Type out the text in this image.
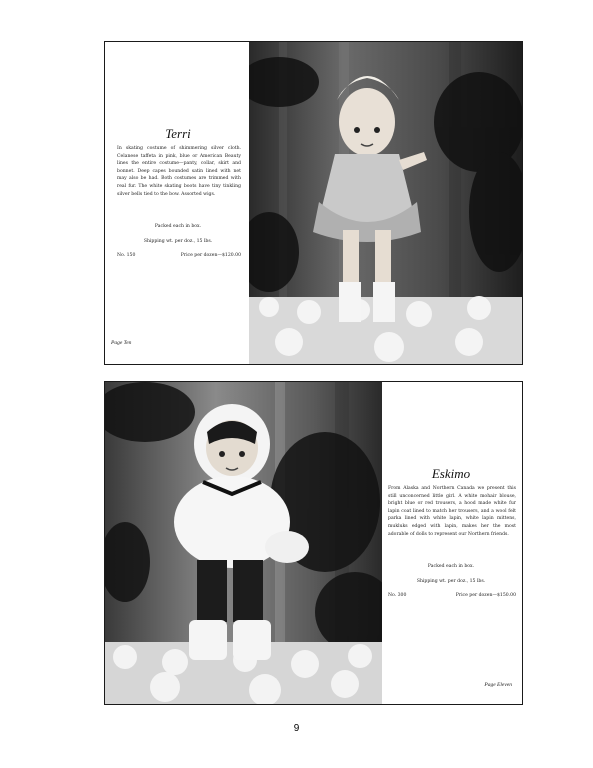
Terri
In skating costume of shimmering silver cloth. Celanese taffeta in pink, blue or American Beauty lines the entire costume—panty, collar, skirt and bonnet. Deep capes bounded satin lined with net may also be had. Both costumes are trimmed with real fur. The white skating boots have tiny tinkling silver bells tied to the bow. Assorted wigs.
Packed each in box.
Shipping wt. per doz., 15 lbs.
No. 150	Price per dozen—$120.00
Page Ten
Eskimo
From Alaska and Northern Canada we present this still unconcerned little girl. A white mohair blouse, bright blue or red trousers, a hood made white fur lapin coat lined to match her trousers, and a wool felt parka lined with white lapin, white lapin mittens, mukluks edged with lapin, makes her the most adorable of dolls to represent our Northern friends.
Packed each in box.
Shipping wt. per doz., 15 lbs.
No. 300	Price per dozen—$150.00
Page Eleven
9
